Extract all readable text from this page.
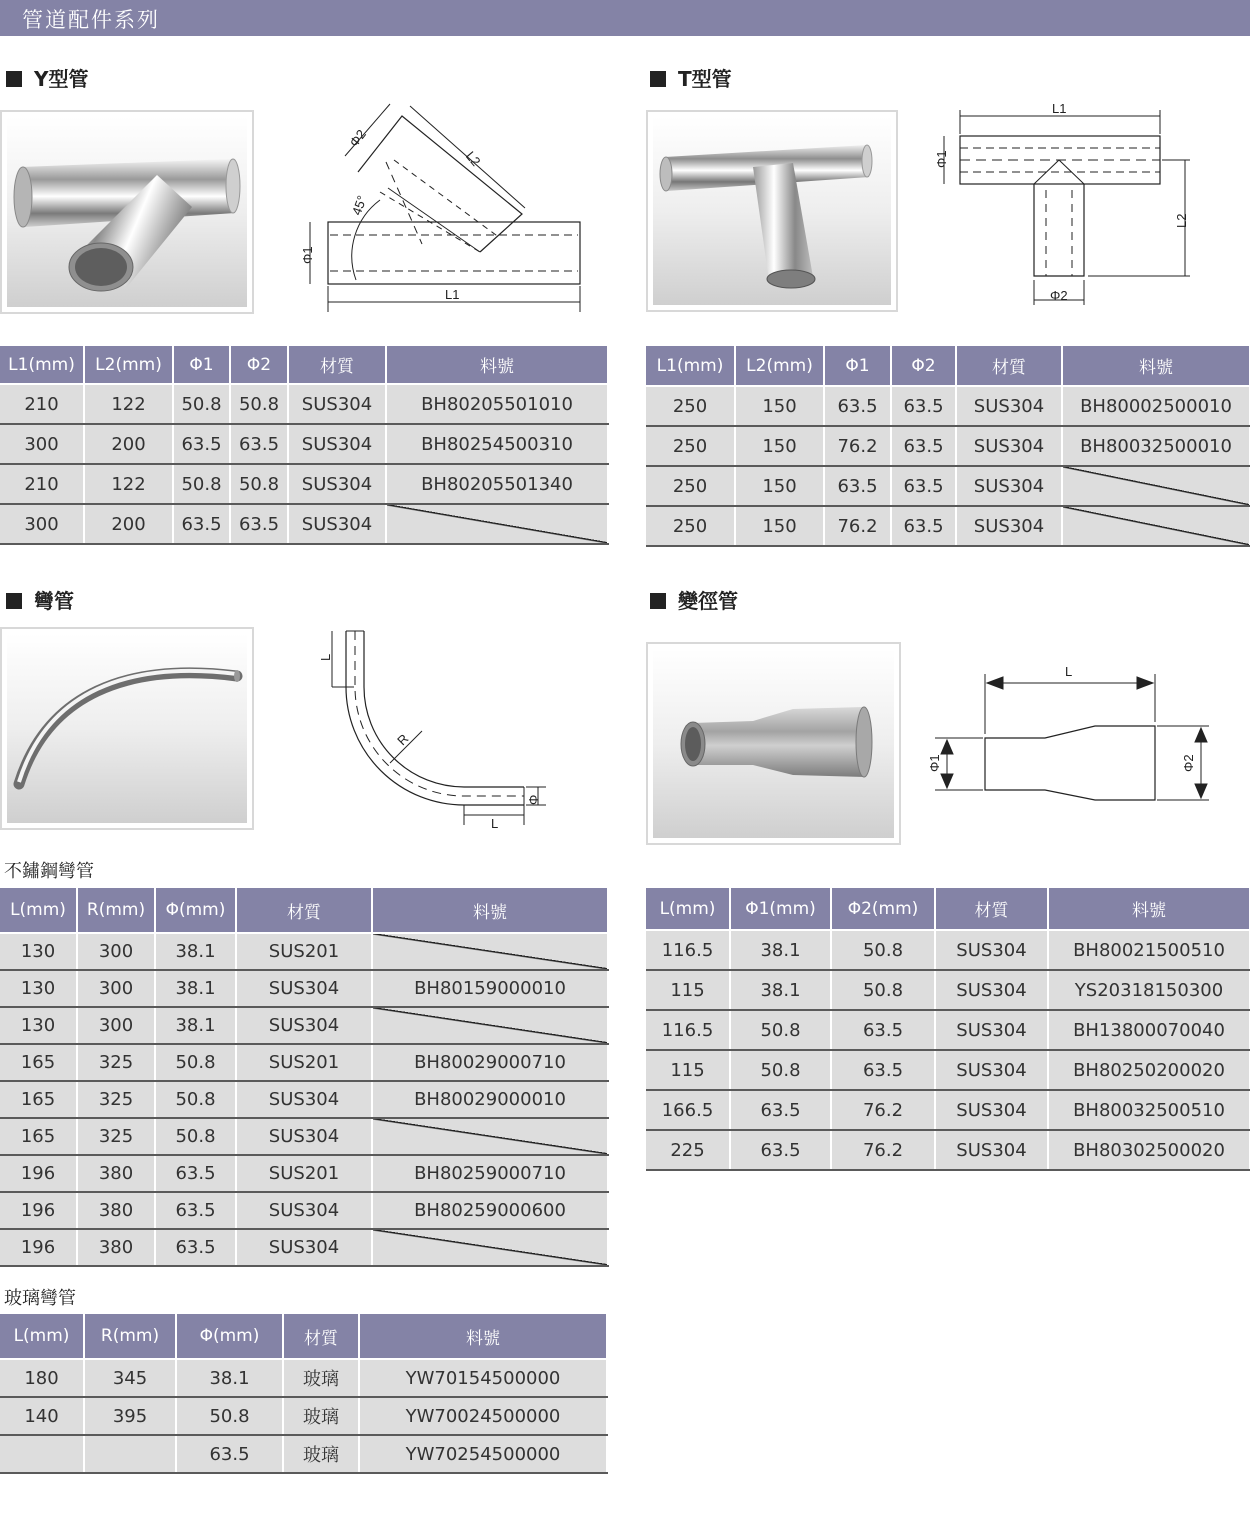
管道配件系列
Y型管
Φ1
L1
L2
Φ2
45°
L1(mm)	L2(mm)	Φ1	Φ2	材質	料號
210	122	50.8	50.8	SUS304	BH80205501010
300	200	63.5	63.5	SUS304	BH80254500310
210	122	50.8	50.8	SUS304	BH80205501340
300	200	63.5	63.5	SUS304	
T型管
L1
Φ1
L2
Φ2
L1(mm)	L2(mm)	Φ1	Φ2	材質	料號
250	150	63.5	63.5	SUS304	BH80002500010
250	150	76.2	63.5	SUS304	BH80032500010
250	150	63.5	63.5	SUS304	
250	150	76.2	63.5	SUS304	
彎管
L
R
L
Φ
不鏽鋼彎管
L(mm)	R(mm)	Φ(mm)	材質	料號
130	300	38.1	SUS201	
130	300	38.1	SUS304	BH80159000010
130	300	38.1	SUS304	
165	325	50.8	SUS201	BH80029000710
165	325	50.8	SUS304	BH80029000010
165	325	50.8	SUS304	
196	380	63.5	SUS201	BH80259000710
196	380	63.5	SUS304	BH80259000600
196	380	63.5	SUS304	
玻璃彎管
L(mm)	R(mm)	Φ(mm)	材質	料號
180	345	38.1	玻璃	YW70154500000
140	395	50.8	玻璃	YW70024500000
		63.5	玻璃	YW70254500000
變徑管
L
Φ1	Φ2
L(mm)	Φ1(mm)	Φ2(mm)	材質	料號
116.5	38.1	50.8	SUS304	BH80021500510
115	38.1	50.8	SUS304	YS20318150300
116.5	50.8	63.5	SUS304	BH13800070040
115	50.8	63.5	SUS304	BH80250200020
166.5	63.5	76.2	SUS304	BH80032500510
225	63.5	76.2	SUS304	BH80302500020
